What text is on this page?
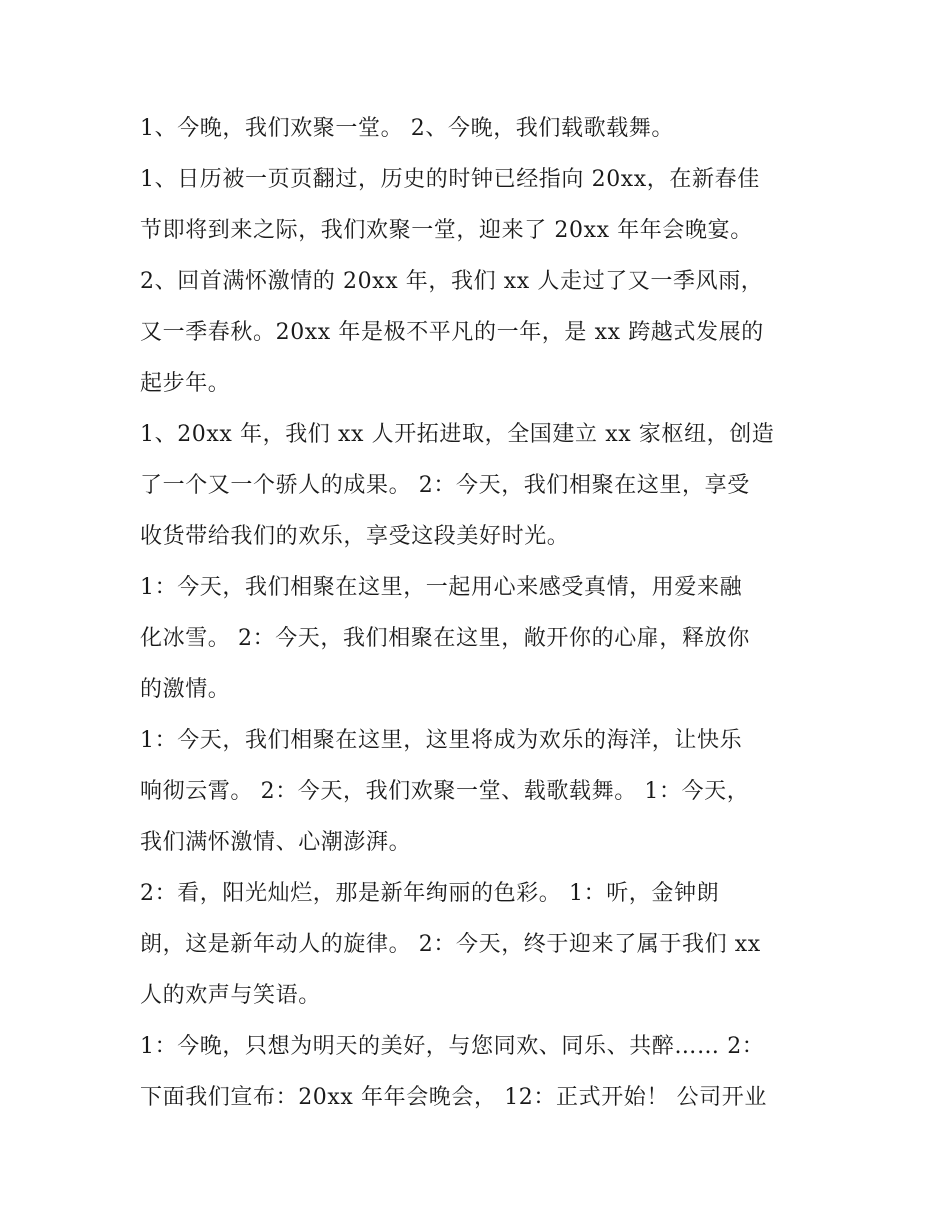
1、今晚，我们欢聚一堂。 2、今晚，我们载歌载舞。
1、日历被一页页翻过，历史的时钟已经指向 20xx，在新春佳
节即将到来之际，我们欢聚一堂，迎来了 20xx 年年会晚宴。
2、回首满怀激情的 20xx 年，我们 xx 人走过了又一季风雨，
又一季春秋。20xx 年是极不平凡的一年，是 xx 跨越式发展的
起步年。
1、20xx 年，我们 xx 人开拓进取，全国建立 xx 家枢纽，创造
了一个又一个骄人的成果。 2：今天，我们相聚在这里，享受
收货带给我们的欢乐，享受这段美好时光。
1：今天，我们相聚在这里，一起用心来感受真情，用爱来融
化冰雪。 2：今天，我们相聚在这里，敞开你的心扉，释放你
的激情。
1：今天，我们相聚在这里，这里将成为欢乐的海洋，让快乐
响彻云霄。 2：今天，我们欢聚一堂、载歌载舞。 1：今天，
我们满怀激情、心潮澎湃。
2：看，阳光灿烂，那是新年绚丽的色彩。 1：听，金钟朗
朗，这是新年动人的旋律。 2：今天，终于迎来了属于我们 xx
人的欢声与笑语。
1：今晚，只想为明天的美好，与您同欢、同乐、共醉…… 2：
下面我们宣布：20xx 年年会晚会， 12：正式开始！ 公司开业
